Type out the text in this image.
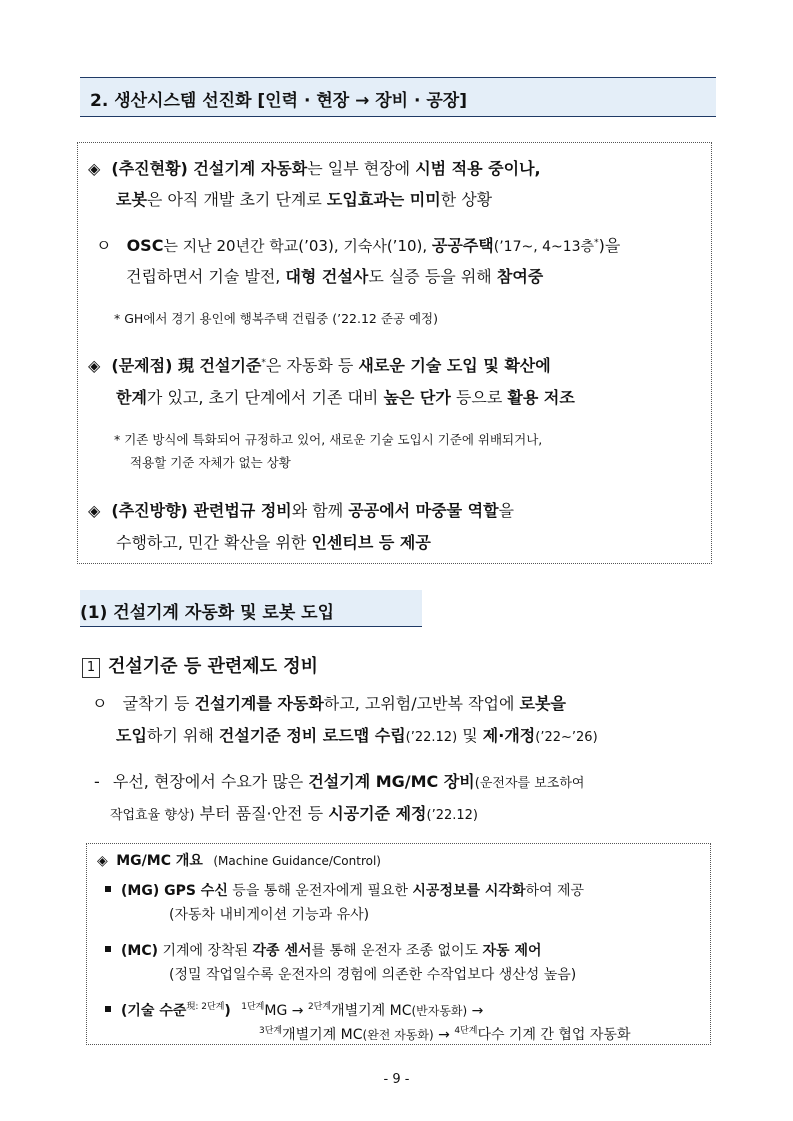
2. 생산시스템 선진화 [인력 · 현장 → 장비 · 공장]
◈ (추진현황) 건설기계 자동화는 일부 현장에 시범 적용 중이나,
로봇은 아직 개발 초기 단계로 도입효과는 미미한 상황
ㅇ OSC는 지난 20년간 학교(’03), 기숙사(’10), 공공주택(’17~, 4~13층*)을
건립하면서 기술 발전, 대형 건설사도 실증 등을 위해 참여중
* GH에서 경기 용인에 행복주택 건립중 (’22.12 준공 예정)
◈ (문제점) 現 건설기준*은 자동화 등 새로운 기술 도입 및 확산에
한계가 있고, 초기 단계에서 기존 대비 높은 단가 등으로 활용 저조
* 기존 방식에 특화되어 규정하고 있어, 새로운 기술 도입시 기준에 위배되거나,
적용할 기준 자체가 없는 상황
◈ (추진방향) 관련법규 정비와 함께 공공에서 마중물 역할을
수행하고, 민간 확산을 위한 인센티브 등 제공
(1) 건설기계 자동화 및 로봇 도입
1 건설기준 등 관련제도 정비
ㅇ 굴착기 등 건설기계를 자동화하고, 고위험/고반복 작업에 로봇을
도입하기 위해 건설기준 정비 로드맵 수립(’22.12) 및 제·개정(’22~’26)
- 우선, 현장에서 수요가 많은 건설기계 MG/MC 장비(운전자를 보조하여
작업효율 향상) 부터 품질·안전 등 시공기준 제정(’22.12)
◈ MG/MC 개요 (Machine Guidance/Control)
(MG) GPS 수신 등을 통해 운전자에게 필요한 시공정보를 시각화하여 제공
(자동차 내비게이션 기능과 유사)
(MC) 기계에 장착된 각종 센서를 통해 운전자 조종 없이도 자동 제어
(정밀 작업일수록 운전자의 경험에 의존한 수작업보다 생산성 높음)
(기술 수준$^{現: 2단계}$) $^{1단계}$MG → $^{2단계}$개별기계 MC(반자동화) →
$^{3단계}$개별기계 MC(완전 자동화) → $^{4단계}$다수 기계 간 협업 자동화
- 9 -
